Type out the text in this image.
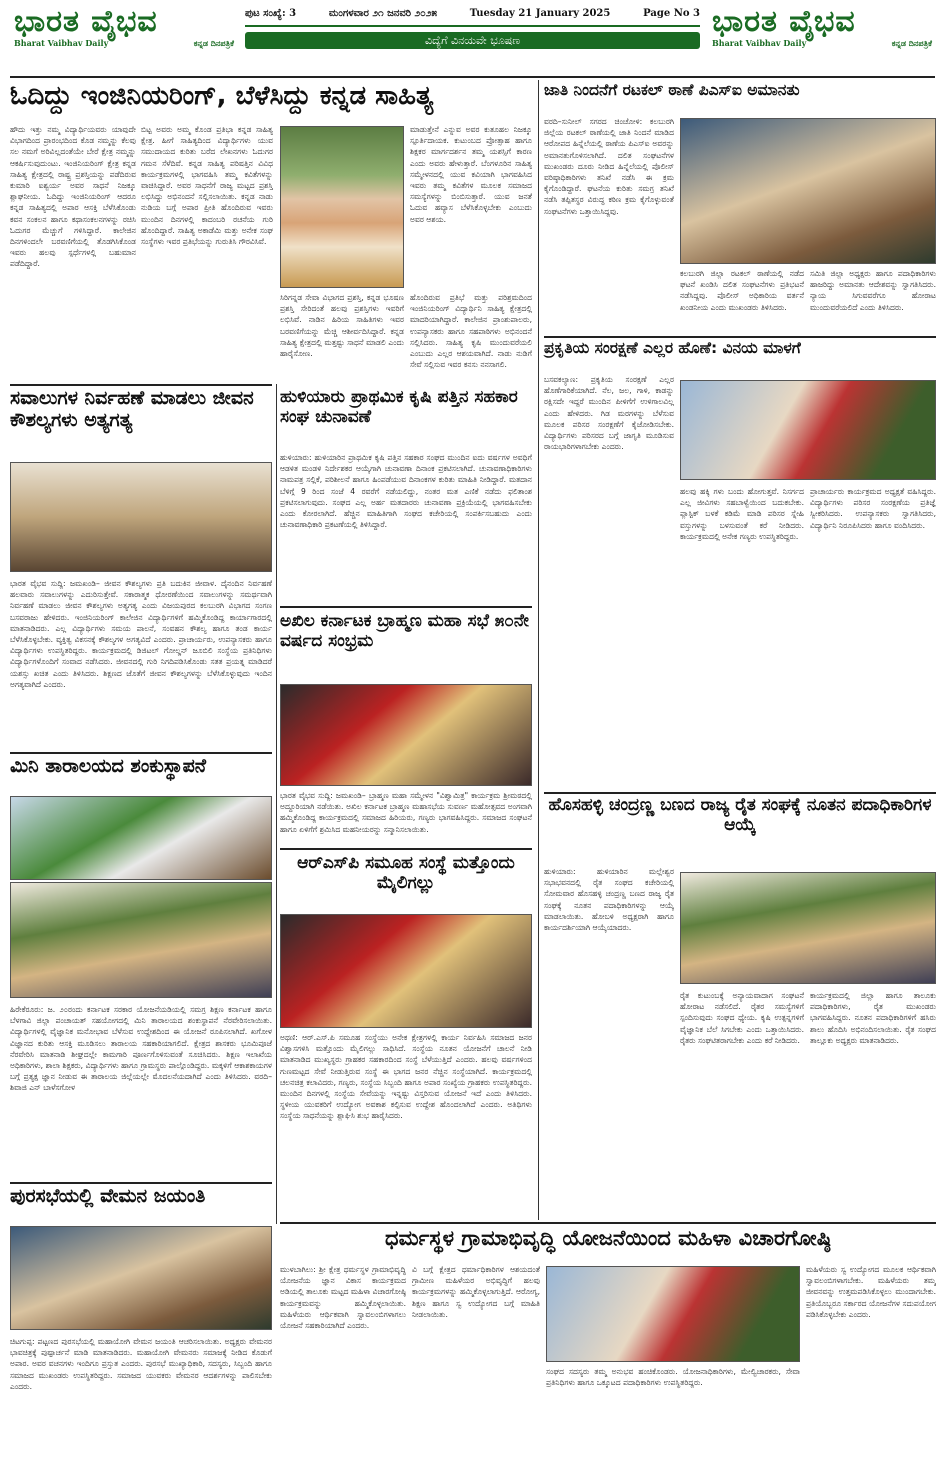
ಭಾರತ ವೈಭವ
Bharat Vaibhav Daily	ಕನ್ನಡ ದಿನಪತ್ರಿಕೆ
ಪುಟ ಸಂಖ್ಯೆ: 3	ಮಂಗಳವಾರ ೨೧ ಜನವರಿ ೨೦೨೫	Tuesday 21 January 2025	Page No 3
ವಿದ್ಯೆಗೆ ವಿನಯವೇ ಭೂಷಣ
ಭಾರತ ವೈಭವ
Bharat Vaibhav Daily	ಕನ್ನಡ ದಿನಪತ್ರಿಕೆ
ಓದಿದ್ದು ಇಂಜಿನಿಯರಿಂಗ್, ಬೆಳೆಸಿದ್ದು ಕನ್ನಡ ಸಾಹಿತ್ಯ
ಹೌದು ಇತ್ತು ನಮ್ಮ ವಿದ್ಯಾರ್ಥಿಯವರು ಯಾವುದೇ ವಿಭಾಗದಿಂದ ಪ್ರಾರಂಭದಿಂದ ಕೊಡ ನಮ್ಮನ್ನು ಕೆಲವು ಸಲ ನಮಗೆ ಅರಿವಿಲ್ಲದಂತೆಯೇ ಬೇರೆ ಕ್ಷೇತ್ರ ನಮ್ಮನ್ನು ಆಕರ್ಷಿಸುವುದುಂಟು. ಇಂಜಿನಿಯರಿಂಗ್ ಕ್ಷೇತ್ರ ಕನ್ನಡ ಸಾಹಿತ್ಯ ಕ್ಷೇತ್ರದಲ್ಲಿ ರಾಷ್ಟ್ರ ಪ್ರಶಸ್ತಿಯನ್ನು ಪಡೆದಿರುವ ಕುಮಾರಿ ಐಶ್ವರ್ಯ ಅವರ ಸಾಧನೆ ನಿಜಕ್ಕೂ ಶ್ಲಾಘನೀಯ. ಓದಿದ್ದು ಇಂಜಿನಿಯರಿಂಗ್ ಆದರೂ ಕನ್ನಡ ಸಾಹಿತ್ಯದಲ್ಲಿ ಅಪಾರ ಆಸಕ್ತಿ ಬೆಳೆಸಿಕೊಂಡು ಕವನ ಸಂಕಲನ ಹಾಗೂ ಕಥಾಸಂಕಲನಗಳನ್ನು ರಚಿಸಿ ಓದುಗರ ಮೆಚ್ಚುಗೆ ಗಳಿಸಿದ್ದಾರೆ. ಕಾಲೇಜಿನ ದಿನಗಳಿಂದಲೇ ಬರವಣಿಗೆಯಲ್ಲಿ ತೊಡಗಿಸಿಕೊಂಡ ಇವರು ಹಲವು ಸ್ಪರ್ಧೆಗಳಲ್ಲಿ ಬಹುಮಾನ ಪಡೆದಿದ್ದಾರೆ.
ಬಿಟ್ಟ ಅವರು ಅಮ್ಮ ಕೊಂಡ ಪ್ರತಿಭಾ ಕನ್ನಡ ಸಾಹಿತ್ಯ ಕ್ಷೇತ್ರ. ಹೀಗೆ ಸಾಹಿತ್ಯದಿಂದ ವಿದ್ಯಾರ್ಥಿಗಳು ಯುವ ಸಮುದಾಯದ ಕುರಿತು ಬರೆದ ಲೇಖನಗಳು ಓದುಗರ ಗಮನ ಸೆಳೆದಿವೆ. ಕನ್ನಡ ಸಾಹಿತ್ಯ ಪರಿಷತ್ತಿನ ವಿವಿಧ ಕಾರ್ಯಕ್ರಮಗಳಲ್ಲಿ ಭಾಗವಹಿಸಿ ತಮ್ಮ ಕವಿತೆಗಳನ್ನು ವಾಚಿಸಿದ್ದಾರೆ. ಅವರ ಸಾಧನೆಗೆ ರಾಜ್ಯ ಮಟ್ಟದ ಪ್ರಶಸ್ತಿ ಲಭಿಸಿದ್ದು ಅಭಿನಂದನೆ ಸಲ್ಲಿಸಲಾಯಿತು. ಕನ್ನಡ ನಾಡು ನುಡಿಯ ಬಗ್ಗೆ ಅಪಾರ ಪ್ರೀತಿ ಹೊಂದಿರುವ ಇವರು ಮುಂದಿನ ದಿನಗಳಲ್ಲಿ ಕಾದಂಬರಿ ರಚನೆಯ ಗುರಿ ಹೊಂದಿದ್ದಾರೆ. ಸಾಹಿತ್ಯ ಅಕಾಡೆಮಿ ಮತ್ತು ಅನೇಕ ಸಂಘ ಸಂಸ್ಥೆಗಳು ಇವರ ಪ್ರತಿಭೆಯನ್ನು ಗುರುತಿಸಿ ಗೌರವಿಸಿವೆ.
ಮಾಡುತ್ತೇನೆ ಎನ್ನುವ ಅವರ ಕುತೂಹಲ ನಿಜಕ್ಕೂ ಸ್ಪೂರ್ತಿದಾಯಕ. ಕುಟುಂಬದ ಪ್ರೋತ್ಸಾಹ ಹಾಗೂ ಶಿಕ್ಷಕರ ಮಾರ್ಗದರ್ಶನ ತಮ್ಮ ಯಶಸ್ಸಿಗೆ ಕಾರಣ ಎಂದು ಅವರು ಹೇಳುತ್ತಾರೆ. ಬೆಂಗಳೂರಿನ ಸಾಹಿತ್ಯ ಸಮ್ಮೇಳನದಲ್ಲಿ ಯುವ ಕವಿಯಾಗಿ ಭಾಗವಹಿಸಿದ ಇವರು ತಮ್ಮ ಕವಿತೆಗಳ ಮೂಲಕ ಸಮಾಜದ ಸಮಸ್ಯೆಗಳನ್ನು ಬಿಂಬಿಸುತ್ತಾರೆ. ಯುವ ಜನತೆ ಓದುವ ಹವ್ಯಾಸ ಬೆಳೆಸಿಕೊಳ್ಳಬೇಕು ಎಂಬುದು ಅವರ ಆಶಯ.
ಸಿರಿಗನ್ನಡ ಸೇವಾ ವಿಭಾಗದ ಪ್ರಶಸ್ತಿ, ಕನ್ನಡ ಭೂಷಣ ಪ್ರಶಸ್ತಿ ಸೇರಿದಂತೆ ಹಲವು ಪ್ರಶಸ್ತಿಗಳು ಇವರಿಗೆ ಲಭಿಸಿವೆ. ನಾಡಿನ ಹಿರಿಯ ಸಾಹಿತಿಗಳು ಇವರ ಬರವಣಿಗೆಯನ್ನು ಮೆಚ್ಚಿ ಆಶೀರ್ವದಿಸಿದ್ದಾರೆ. ಕನ್ನಡ ಸಾಹಿತ್ಯ ಕ್ಷೇತ್ರದಲ್ಲಿ ಮತ್ತಷ್ಟು ಸಾಧನೆ ಮಾಡಲಿ ಎಂದು ಹಾರೈಸೋಣ.
ಹೊಂದಿರುವ ಪ್ರತಿಭೆ ಮತ್ತು ಪರಿಶ್ರಮದಿಂದ ಇಂಜಿನಿಯರಿಂಗ್ ವಿದ್ಯಾರ್ಥಿನಿ ಸಾಹಿತ್ಯ ಕ್ಷೇತ್ರದಲ್ಲಿ ಮಾದರಿಯಾಗಿದ್ದಾರೆ. ಕಾಲೇಜಿನ ಪ್ರಾಂಶುಪಾಲರು, ಉಪನ್ಯಾಸಕರು ಹಾಗೂ ಸಹಪಾಠಿಗಳು ಅಭಿನಂದನೆ ಸಲ್ಲಿಸಿದರು. ಸಾಹಿತ್ಯ ಕೃಷಿ ಮುಂದುವರೆಯಲಿ ಎಂಬುದು ಎಲ್ಲರ ಆಶಯವಾಗಿದೆ. ನಾಡು ನುಡಿಗೆ ಸೇವೆ ಸಲ್ಲಿಸುವ ಇವರ ಕನಸು ನನಸಾಗಲಿ.
ಜಾತಿ ನಿಂದನೆಗೆ ರಟಕಲ್ ಠಾಣೆ ಪಿಎಸ್‌ಐ ಅಮಾನತು
ವರದಿ–ಸುನೀಲ್ ಸಗರದ ಚಿಂಚೋಳಿ: ಕಲಬುರಗಿ ಜಿಲ್ಲೆಯ ರಟಕಲ್ ಠಾಣೆಯಲ್ಲಿ ಜಾತಿ ನಿಂದನೆ ಮಾಡಿದ ಆರೋಪದ ಹಿನ್ನೆಲೆಯಲ್ಲಿ ಠಾಣೆಯ ಪಿಎಸ್‌ಐ ಅವರನ್ನು ಅಮಾನತುಗೊಳಿಸಲಾಗಿದೆ. ದಲಿತ ಸಂಘಟನೆಗಳ ಮುಖಂಡರು ದೂರು ನೀಡಿದ ಹಿನ್ನೆಲೆಯಲ್ಲಿ ಪೊಲೀಸ್ ವರಿಷ್ಠಾಧಿಕಾರಿಗಳು ತನಿಖೆ ನಡೆಸಿ ಈ ಕ್ರಮ ಕೈಗೊಂಡಿದ್ದಾರೆ. ಘಟನೆಯ ಕುರಿತು ಸಮಗ್ರ ತನಿಖೆ ನಡೆಸಿ ತಪ್ಪಿತಸ್ಥರ ವಿರುದ್ಧ ಕಠಿಣ ಕ್ರಮ ಕೈಗೊಳ್ಳುವಂತೆ ಸಂಘಟನೆಗಳು ಒತ್ತಾಯಿಸಿದ್ದವು.
ಕಲಬುರಗಿ ಜಿಲ್ಲಾ ರಟಕಲ್ ಠಾಣೆಯಲ್ಲಿ ನಡೆದ ಘಟನೆ ಖಂಡಿಸಿ ದಲಿತ ಸಂಘಟನೆಗಳು ಪ್ರತಿಭಟನೆ ನಡೆಸಿದ್ದವು. ಪೊಲೀಸ್ ಅಧಿಕಾರಿಯ ವರ್ತನೆ ಖಂಡನೀಯ ಎಂದು ಮುಖಂಡರು ತಿಳಿಸಿದರು.
ಸಮಿತಿ ಜಿಲ್ಲಾ ಅಧ್ಯಕ್ಷರು ಹಾಗೂ ಪದಾಧಿಕಾರಿಗಳು ಹಾಜರಿದ್ದು ಅಮಾನತು ಆದೇಶವನ್ನು ಸ್ವಾಗತಿಸಿದರು. ನ್ಯಾಯ ಸಿಗುವವರೆಗೂ ಹೋರಾಟ ಮುಂದುವರೆಯಲಿದೆ ಎಂದು ತಿಳಿಸಿದರು.
ಪ್ರಕೃತಿಯ ಸಂರಕ್ಷಣೆ ಎಲ್ಲರ ಹೊಣೆ: ವಿನಯ ಮಾಳಗೆ
ಬಸವಕಲ್ಯಾಣ: ಪ್ರಕೃತಿಯ ಸಂರಕ್ಷಣೆ ಎಲ್ಲರ ಹೊಣೆಗಾರಿಕೆಯಾಗಿದೆ. ನೆಲ, ಜಲ, ಗಾಳಿ, ಕಾಡನ್ನು ರಕ್ಷಿಸದೇ ಇದ್ದರೆ ಮುಂದಿನ ಪೀಳಿಗೆಗೆ ಉಳಿಗಾಲವಿಲ್ಲ ಎಂದು ಹೇಳಿದರು. ಗಿಡ ಮರಗಳನ್ನು ಬೆಳೆಸುವ ಮೂಲಕ ಪರಿಸರ ಸಂರಕ್ಷಣೆಗೆ ಕೈಜೋಡಿಸಬೇಕು. ವಿದ್ಯಾರ್ಥಿಗಳು ಪರಿಸರದ ಬಗ್ಗೆ ಜಾಗೃತಿ ಮೂಡಿಸುವ ರಾಯಭಾರಿಗಳಾಗಬೇಕು ಎಂದರು.
ಹಲವು ಹಕ್ಕಿ ಗಳು ಬಂದು ಹೋಗುತ್ತವೆ. ನಿಸರ್ಗದ ಎಲ್ಲ ಜೀವಿಗಳು ಸಹಬಾಳ್ವೆಯಿಂದ ಬದುಕಬೇಕು. ಪ್ಲಾಸ್ಟಿಕ್ ಬಳಕೆ ಕಡಿಮೆ ಮಾಡಿ ಪರಿಸರ ಸ್ನೇಹಿ ವಸ್ತುಗಳನ್ನು ಬಳಸುವಂತೆ ಕರೆ ನೀಡಿದರು. ಕಾರ್ಯಕ್ರಮದಲ್ಲಿ ಅನೇಕ ಗಣ್ಯರು ಉಪಸ್ಥಿತರಿದ್ದರು.
ಪ್ರಾಚಾರ್ಯರು ಕಾರ್ಯಕ್ರಮದ ಅಧ್ಯಕ್ಷತೆ ವಹಿಸಿದ್ದರು. ವಿದ್ಯಾರ್ಥಿಗಳು ಪರಿಸರ ಸಂರಕ್ಷಣೆಯ ಪ್ರತಿಜ್ಞೆ ಸ್ವೀಕರಿಸಿದರು. ಉಪನ್ಯಾಸಕರು ಸ್ವಾಗತಿಸಿದರು, ವಿದ್ಯಾರ್ಥಿನಿ ನಿರೂಪಿಸಿದರು ಹಾಗೂ ವಂದಿಸಿದರು.
ಸವಾಲುಗಳ ನಿರ್ವಹಣೆ ಮಾಡಲು ಜೀವನ ಕೌಶಲ್ಯಗಳು ಅತ್ಯಗತ್ಯ
ಭಾರತ ವೈಭವ ಸುದ್ದಿ: ಜಮಖಂಡಿ– ಜೀವನ ಕೌಶಲ್ಯಗಳು ಪ್ರತಿ ಬದುಕಿನ ಜೀವಾಳ. ದೈನಂದಿನ ನಿರ್ವಹಣೆ ಹಲವಾರು ಸವಾಲುಗಳನ್ನು ಎದುರಿಸುತ್ತೇವೆ. ಸಕಾರಾತ್ಮಕ ಧೋರಣೆಯಿಂದ ಸವಾಲುಗಳನ್ನು ಸಮರ್ಥವಾಗಿ ನಿರ್ವಹಣೆ ಮಾಡಲು ಜೀವನ ಕೌಶಲ್ಯಗಳು ಅತ್ಯಗತ್ಯ ಎಂದು ವಿಜಯಪುರದ ಕಲಬುರಗಿ ವಿಭಾಗದ ಸಂಗಣ ಬಸವರಾಜು ಹೇಳಿದರು. ಇಂಜಿನಿಯರಿಂಗ್ ಕಾಲೇಜಿನ ವಿದ್ಯಾರ್ಥಿಗಳಿಗೆ ಹಮ್ಮಿಕೊಂಡಿದ್ದ ಕಾರ್ಯಾಗಾರದಲ್ಲಿ ಮಾತನಾಡಿದರು. ಎಲ್ಲ ವಿದ್ಯಾರ್ಥಿಗಳು ಸಮಯ ಪಾಲನೆ, ಸಂವಹನ ಕೌಶಲ್ಯ ಹಾಗೂ ತಂಡ ಕಾರ್ಯ ಬೆಳೆಸಿಕೊಳ್ಳಬೇಕು. ವ್ಯಕ್ತಿತ್ವ ವಿಕಸನಕ್ಕೆ ಕೌಶಲ್ಯಗಳ ಅಗತ್ಯವಿದೆ ಎಂದರು. ಪ್ರಾಚಾರ್ಯರು, ಉಪನ್ಯಾಸಕರು ಹಾಗೂ ವಿದ್ಯಾರ್ಥಿಗಳು ಉಪಸ್ಥಿತರಿದ್ದರು. ಕಾರ್ಯಕ್ರಮದಲ್ಲಿ ಡಿಜಿಟಲ್ ಗೋಲ್ಡನ್ ಜೂಬಿಲಿ ಸಂಸ್ಥೆಯ ಪ್ರತಿನಿಧಿಗಳು ವಿದ್ಯಾರ್ಥಿಗಳೊಂದಿಗೆ ಸಂವಾದ ನಡೆಸಿದರು. ಜೀವನದಲ್ಲಿ ಗುರಿ ನಿಗದಿಪಡಿಸಿಕೊಂಡು ಸತತ ಪ್ರಯತ್ನ ಮಾಡಿದರೆ ಯಶಸ್ಸು ಖಚಿತ ಎಂದು ತಿಳಿಸಿದರು. ಶಿಕ್ಷಣದ ಜೊತೆಗೆ ಜೀವನ ಕೌಶಲ್ಯಗಳನ್ನು ಬೆಳೆಸಿಕೊಳ್ಳುವುದು ಇಂದಿನ ಅಗತ್ಯವಾಗಿದೆ ಎಂದರು.
ಹುಳಿಯಾರು ಪ್ರಾಥಮಿಕ ಕೃಷಿ ಪತ್ತಿನ ಸಹಕಾರ ಸಂಘ ಚುನಾವಣೆ
ಹುಳಿಯಾರು: ಹುಳಿಯಾರಿನ ಪ್ರಾಥಮಿಕ ಕೃಷಿ ಪತ್ತಿನ ಸಹಕಾರ ಸಂಘದ ಮುಂದಿನ ಐದು ವರ್ಷಗಳ ಅವಧಿಗೆ ಆಡಳಿತ ಮಂಡಳಿ ನಿರ್ದೇಶಕರ ಆಯ್ಕೆಗಾಗಿ ಚುನಾವಣಾ ದಿನಾಂಕ ಪ್ರಕಟಿಸಲಾಗಿದೆ. ಚುನಾವಣಾಧಿಕಾರಿಗಳು ನಾಮಪತ್ರ ಸಲ್ಲಿಕೆ, ಪರಿಶೀಲನೆ ಹಾಗೂ ಹಿಂಪಡೆಯುವ ದಿನಾಂಕಗಳ ಕುರಿತು ಮಾಹಿತಿ ನೀಡಿದ್ದಾರೆ. ಮತದಾನ ಬೆಳಿಗ್ಗೆ 9 ರಿಂದ ಸಂಜೆ 4 ರವರೆಗೆ ನಡೆಯಲಿದ್ದು, ನಂತರ ಮತ ಎಣಿಕೆ ನಡೆದು ಫಲಿತಾಂಶ ಪ್ರಕಟಿಸಲಾಗುವುದು. ಸಂಘದ ಎಲ್ಲ ಅರ್ಹ ಮತದಾರರು ಚುನಾವಣಾ ಪ್ರಕ್ರಿಯೆಯಲ್ಲಿ ಭಾಗವಹಿಸಬೇಕು ಎಂದು ಕೋರಲಾಗಿದೆ. ಹೆಚ್ಚಿನ ಮಾಹಿತಿಗಾಗಿ ಸಂಘದ ಕಚೇರಿಯಲ್ಲಿ ಸಂಪರ್ಕಿಸಬಹುದು ಎಂದು ಚುನಾವಣಾಧಿಕಾರಿ ಪ್ರಕಟಣೆಯಲ್ಲಿ ತಿಳಿಸಿದ್ದಾರೆ.
ಅಖಿಲ ಕರ್ನಾಟಕ ಬ್ರಾಹ್ಮಣ ಮಹಾ ಸಭೆ ೫೦ನೇ ವರ್ಷದ ಸಂಭ್ರಮ
ಭಾರತ ವೈಭವ ಸುದ್ದಿ: ಜಮಖಂಡಿ– ಬ್ರಾಹ್ಮಣ ಮಹಾ ಸಮ್ಮೇಳನ "ವಿಶ್ವಾಮಿತ್ರ" ಕಾರ್ಯಕ್ರಮ ಶ್ರೀಮಠದಲ್ಲಿ ಅದ್ದೂರಿಯಾಗಿ ನಡೆಯಿತು. ಅಖಿಲ ಕರ್ನಾಟಕ ಬ್ರಾಹ್ಮಣ ಮಹಾಸಭೆಯ ಸುವರ್ಣ ಮಹೋತ್ಸವದ ಅಂಗವಾಗಿ ಹಮ್ಮಿಕೊಂಡಿದ್ದ ಕಾರ್ಯಕ್ರಮದಲ್ಲಿ ಸಮಾಜದ ಹಿರಿಯರು, ಗಣ್ಯರು ಭಾಗವಹಿಸಿದ್ದರು. ಸಮಾಜದ ಸಂಘಟನೆ ಹಾಗೂ ಏಳಿಗೆಗೆ ಶ್ರಮಿಸಿದ ಮಹನೀಯರನ್ನು ಸನ್ಮಾನಿಸಲಾಯಿತು.
ಆರ್‌ಎಸ್‌ಪಿ ಸಮೂಹ ಸಂಸ್ಥೆ ಮತ್ತೊಂದು ಮೈಲಿಗಲ್ಲು
ಅಥಣಿ: ಆರ್.ಎಸ್.ಪಿ ಸಮೂಹ ಸಂಸ್ಥೆಯು ಅನೇಕ ಕ್ಷೇತ್ರಗಳಲ್ಲಿ ಕಾರ್ಯ ನಿರ್ವಹಿಸಿ ಸಮಾಜದ ಜನರ ವಿಶ್ವಾಸಗಳಿಸಿ ಮತ್ತೊಂದು ಮೈಲಿಗಲ್ಲು ಸಾಧಿಸಿದೆ. ಸಂಸ್ಥೆಯ ನೂತನ ಯೋಜನೆಗೆ ಚಾಲನೆ ನೀಡಿ ಮಾತನಾಡಿದ ಮುಖ್ಯಸ್ಥರು ಗ್ರಾಹಕರ ಸಹಕಾರದಿಂದ ಸಂಸ್ಥೆ ಬೆಳೆಯುತ್ತಿದೆ ಎಂದರು. ಹಲವು ವರ್ಷಗಳಿಂದ ಗುಣಮಟ್ಟದ ಸೇವೆ ನೀಡುತ್ತಿರುವ ಸಂಸ್ಥೆ ಈ ಭಾಗದ ಜನರ ನೆಚ್ಚಿನ ಸಂಸ್ಥೆಯಾಗಿದೆ. ಕಾರ್ಯಕ್ರಮದಲ್ಲಿ ಚಲನಚಿತ್ರ ಕಲಾವಿದರು, ಗಣ್ಯರು, ಸಂಸ್ಥೆಯ ಸಿಬ್ಬಂದಿ ಹಾಗೂ ಅಪಾರ ಸಂಖ್ಯೆಯ ಗ್ರಾಹಕರು ಉಪಸ್ಥಿತರಿದ್ದರು. ಮುಂದಿನ ದಿನಗಳಲ್ಲಿ ಸಂಸ್ಥೆಯ ಸೇವೆಯನ್ನು ಇನ್ನಷ್ಟು ವಿಸ್ತರಿಸುವ ಯೋಜನೆ ಇದೆ ಎಂದು ತಿಳಿಸಿದರು. ಸ್ಥಳೀಯ ಯುವಕರಿಗೆ ಉದ್ಯೋಗ ಅವಕಾಶ ಕಲ್ಪಿಸುವ ಉದ್ದೇಶ ಹೊಂದಲಾಗಿದೆ ಎಂದರು. ಅತಿಥಿಗಳು ಸಂಸ್ಥೆಯ ಸಾಧನೆಯನ್ನು ಶ್ಲಾಘಿಸಿ ಶುಭ ಹಾರೈಸಿದರು.
ಮಿನಿ ತಾರಾಲಯದ ಶಂಕುಸ್ಥಾಪನೆ
ಹಿರೇಕೆರೂರು: ಜ. ೨೦ರಂದು ಕರ್ನಾಟಕ ಸರಕಾರ ಯೋಜನೆಯಡಿಯಲ್ಲಿ ಸಮಗ್ರ ಶಿಕ್ಷಣ ಕರ್ನಾಟಕ ಹಾಗೂ ಬೆಳಗಾವಿ ಜಿಲ್ಲಾ ಪಂಚಾಯತ್ ಸಹಯೋಗದಲ್ಲಿ ಮಿನಿ ತಾರಾಲಯದ ಶಂಕುಸ್ಥಾಪನೆ ನೆರವೇರಿಸಲಾಯಿತು. ವಿದ್ಯಾರ್ಥಿಗಳಲ್ಲಿ ವೈಜ್ಞಾನಿಕ ಮನೋಭಾವ ಬೆಳೆಸುವ ಉದ್ದೇಶದಿಂದ ಈ ಯೋಜನೆ ರೂಪಿಸಲಾಗಿದೆ. ಖಗೋಳ ವಿಜ್ಞಾನದ ಕುರಿತು ಆಸಕ್ತಿ ಮೂಡಿಸಲು ತಾರಾಲಯ ಸಹಕಾರಿಯಾಗಲಿದೆ. ಕ್ಷೇತ್ರದ ಶಾಸಕರು ಭೂಮಿಪೂಜೆ ನೆರವೇರಿಸಿ ಮಾತನಾಡಿ ಶೀಘ್ರದಲ್ಲೇ ಕಾಮಗಾರಿ ಪೂರ್ಣಗೊಳಿಸುವಂತೆ ಸೂಚಿಸಿದರು. ಶಿಕ್ಷಣ ಇಲಾಖೆಯ ಅಧಿಕಾರಿಗಳು, ಶಾಲಾ ಶಿಕ್ಷಕರು, ವಿದ್ಯಾರ್ಥಿಗಳು ಹಾಗೂ ಗ್ರಾಮಸ್ಥರು ಪಾಲ್ಗೊಂಡಿದ್ದರು. ಮಕ್ಕಳಿಗೆ ಆಕಾಶಕಾಯಗಳ ಬಗ್ಗೆ ಪ್ರತ್ಯಕ್ಷ ಜ್ಞಾನ ನೀಡುವ ಈ ತಾರಾಲಯ ಜಿಲ್ಲೆಯಲ್ಲೇ ಮೊದಲನೆಯದಾಗಿದೆ ಎಂದು ತಿಳಿಸಿದರು. ವರದಿ– ಶಿವಾಜಿ ಎನ್ ಬಾಳೆಸಗೋಳ
ಹೊಸಹಳ್ಳಿ ಚಂದ್ರಣ್ಣ ಬಣದ ರಾಜ್ಯ ರೈತ ಸಂಘಕ್ಕೆ ನೂತನ ಪದಾಧಿಕಾರಿಗಳ ಆಯ್ಕೆ
ಹುಳಿಯಾರು: ಹುಳಿಯಾರಿನ ಮಲ್ಲೇಶ್ವರ ಸಭಾಭವನದಲ್ಲಿ ರೈತ ಸಂಘದ ಕಚೇರಿಯಲ್ಲಿ ಸೋಮವಾರ ಹೊಸಹಳ್ಳಿ ಚಂದ್ರಣ್ಣ ಬಣದ ರಾಜ್ಯ ರೈತ ಸಂಘಕ್ಕೆ ನೂತನ ಪದಾಧಿಕಾರಿಗಳನ್ನು ಆಯ್ಕೆ ಮಾಡಲಾಯಿತು. ಹೋಬಳಿ ಅಧ್ಯಕ್ಷರಾಗಿ ಹಾಗೂ ಕಾರ್ಯದರ್ಶಿಯಾಗಿ ಆಯ್ಕೆಯಾದರು.
ರೈತ ಕುಟುಂಬಕ್ಕೆ ಅನ್ಯಾಯವಾದಾಗ ಸಂಘಟನೆ ಹೋರಾಟ ನಡೆಸಲಿದೆ. ರೈತರ ಸಮಸ್ಯೆಗಳಿಗೆ ಸ್ಪಂದಿಸುವುದು ಸಂಘದ ಧ್ಯೇಯ. ಕೃಷಿ ಉತ್ಪನ್ನಗಳಿಗೆ ವೈಜ್ಞಾನಿಕ ಬೆಲೆ ಸಿಗಬೇಕು ಎಂದು ಒತ್ತಾಯಿಸಿದರು. ರೈತರು ಸಂಘಟಿತರಾಗಬೇಕು ಎಂದು ಕರೆ ನೀಡಿದರು.
ಕಾರ್ಯಕ್ರಮದಲ್ಲಿ ಜಿಲ್ಲಾ ಹಾಗೂ ತಾಲೂಕು ಪದಾಧಿಕಾರಿಗಳು, ರೈತ ಮುಖಂಡರು ಭಾಗವಹಿಸಿದ್ದರು. ನೂತನ ಪದಾಧಿಕಾರಿಗಳಿಗೆ ಹಸಿರು ಶಾಲು ಹೊದಿಸಿ ಅಭಿನಂದಿಸಲಾಯಿತು. ರೈತ ಸಂಘದ ತಾಲ್ಲೂಕು ಅಧ್ಯಕ್ಷರು ಮಾತನಾಡಿದರು.
ಪುರಸಭೆಯಲ್ಲಿ ವೇಮನ ಜಯಂತಿ
ಚಿಟಗುಪ್ಪ: ಪಟ್ಟಣದ ಪುರಸಭೆಯಲ್ಲಿ ಮಹಾಯೋಗಿ ವೇಮನ ಜಯಂತಿ ಆಚರಿಸಲಾಯಿತು. ಅಧ್ಯಕ್ಷರು ವೇಮನರ ಭಾವಚಿತ್ರಕ್ಕೆ ಪುಷ್ಪಾರ್ಚನೆ ಮಾಡಿ ಮಾತನಾಡಿದರು. ಮಹಾಯೋಗಿ ವೇಮನರು ಸಮಾಜಕ್ಕೆ ನೀಡಿದ ಕೊಡುಗೆ ಅಪಾರ. ಅವರ ವಚನಗಳು ಇಂದಿಗೂ ಪ್ರಸ್ತುತ ಎಂದರು. ಪುರಸಭೆ ಮುಖ್ಯಾಧಿಕಾರಿ, ಸದಸ್ಯರು, ಸಿಬ್ಬಂದಿ ಹಾಗೂ ಸಮಾಜದ ಮುಖಂಡರು ಉಪಸ್ಥಿತರಿದ್ದರು. ಸಮಾಜದ ಯುವಕರು ವೇಮನರ ಆದರ್ಶಗಳನ್ನು ಪಾಲಿಸಬೇಕು ಎಂದರು.
ಧರ್ಮಸ್ಥಳ ಗ್ರಾಮಾಭಿವೃದ್ಧಿ ಯೋಜನೆಯಿಂದ ಮಹಿಳಾ ವಿಚಾರಗೋಷ್ಠಿ
ಮುಳಬಾಗಿಲು: ಶ್ರೀ ಕ್ಷೇತ್ರ ಧರ್ಮಸ್ಥಳ ಗ್ರಾಮಾಭಿವೃದ್ಧಿ ಯೋಜನೆಯ ಜ್ಞಾನ ವಿಕಾಸ ಕಾರ್ಯಕ್ರಮದ ಅಡಿಯಲ್ಲಿ ತಾಲೂಕು ಮಟ್ಟದ ಮಹಿಳಾ ವಿಚಾರಗೋಷ್ಠಿ ಕಾರ್ಯಕ್ರಮವನ್ನು ಹಮ್ಮಿಕೊಳ್ಳಲಾಯಿತು. ಮಹಿಳೆಯರು ಆರ್ಥಿಕವಾಗಿ ಸ್ವಾವಲಂಬಿಗಳಾಗಲು ಯೋಜನೆ ಸಹಕಾರಿಯಾಗಿದೆ ಎಂದರು.
ವಿ ಬಗ್ಗೆ ಕ್ಷೇತ್ರದ ಧರ್ಮಾಧಿಕಾರಿಗಳ ಆಶಯದಂತೆ ಗ್ರಾಮೀಣ ಮಹಿಳೆಯರ ಅಭಿವೃದ್ಧಿಗೆ ಹಲವು ಕಾರ್ಯಕ್ರಮಗಳನ್ನು ಹಮ್ಮಿಕೊಳ್ಳಲಾಗುತ್ತಿದೆ. ಆರೋಗ್ಯ, ಶಿಕ್ಷಣ ಹಾಗೂ ಸ್ವ ಉದ್ಯೋಗದ ಬಗ್ಗೆ ಮಾಹಿತಿ ನೀಡಲಾಯಿತು.
ಸಂಘದ ಸದಸ್ಯರು ತಮ್ಮ ಅನುಭವ ಹಂಚಿಕೊಂಡರು. ಯೋಜನಾಧಿಕಾರಿಗಳು, ಮೇಲ್ವಿಚಾರಕರು, ಸೇವಾ ಪ್ರತಿನಿಧಿಗಳು ಹಾಗೂ ಒಕ್ಕೂಟದ ಪದಾಧಿಕಾರಿಗಳು ಉಪಸ್ಥಿತರಿದ್ದರು.
ಮಹಿಳೆಯರು ಸ್ವ ಉದ್ಯೋಗದ ಮೂಲಕ ಆರ್ಥಿಕವಾಗಿ ಸ್ವಾವಲಂಬಿಗಳಾಗಬೇಕು. ಮಹಿಳೆಯರು ತಮ್ಮ ಜೀವನವನ್ನು ಉತ್ತಮಪಡಿಸಿಕೊಳ್ಳಲು ಮುಂದಾಗಬೇಕು. ಪ್ರತಿಯೊಬ್ಬರೂ ಸರ್ಕಾರದ ಯೋಜನೆಗಳ ಸದುಪಯೋಗ ಪಡಿಸಿಕೊಳ್ಳಬೇಕು ಎಂದರು.
